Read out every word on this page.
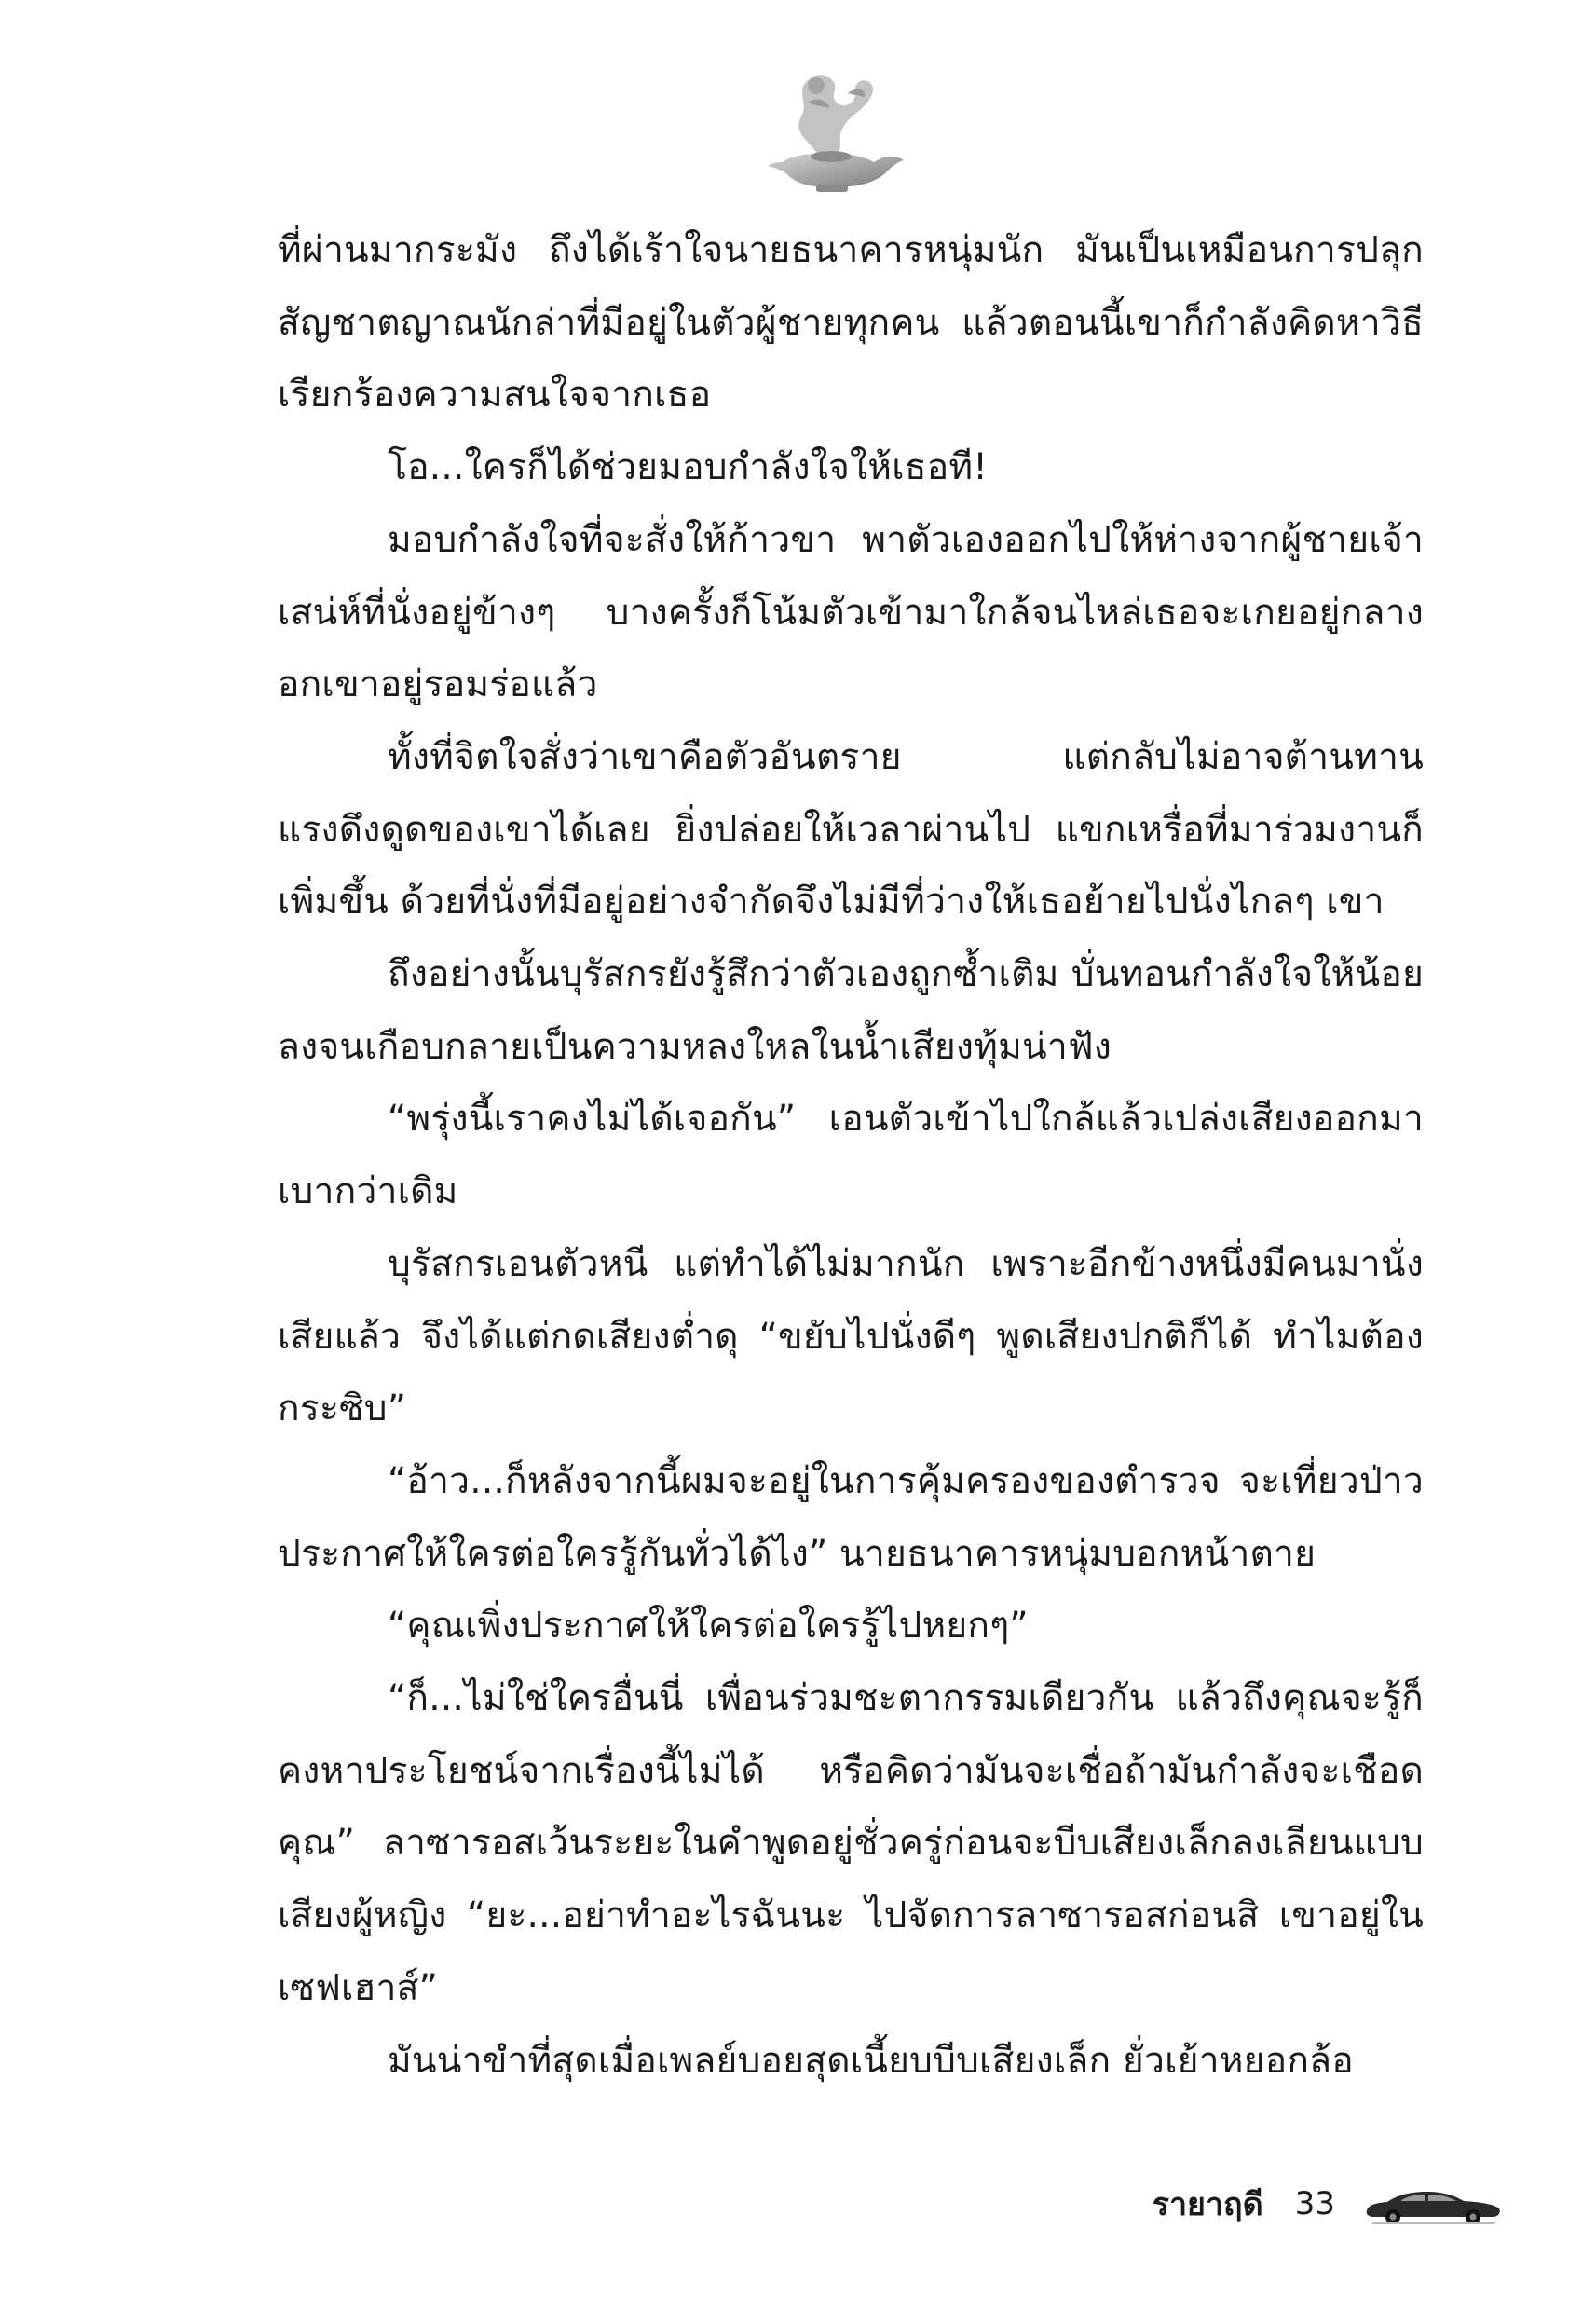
ที่ผ่านมากระมัง ถึงได้เร้าใจนายธนาคารหนุ่มนัก มันเป็นเหมือนการปลุกสัญชาตญาณนักล่าที่มีอยู่ในตัวผู้ชายทุกคน แล้วตอนนี้เขาก็กำลังคิดหาวิธีเรียกร้องความสนใจจากเธอ

โอ...ใครก็ได้ช่วยมอบกำลังใจให้เธอที!

มอบกำลังใจที่จะสั่งให้ก้าวขา พาตัวเองออกไปให้ห่างจากผู้ชายเจ้าเสน่ห์ที่นั่งอยู่ข้างๆ บางครั้งก็โน้มตัวเข้ามาใกล้จนไหล่เธอจะเกยอยู่กลางอกเขาอยู่รอมร่อแล้ว

ทั้งที่จิตใจสั่งว่าเขาคือตัวอันตราย แต่กลับไม่อาจต้านทานแรงดึงดูดของเขาได้เลย ยิ่งปล่อยให้เวลาผ่านไป แขกเหรื่อที่มาร่วมงานก็เพิ่มขึ้น ด้วยที่นั่งที่มีอยู่อย่างจำกัดจึงไม่มีที่ว่างให้เธอย้ายไปนั่งไกลๆ เขา

ถึงอย่างนั้นบุรัสกรยังรู้สึกว่าตัวเองถูกซ้ำเติม บั่นทอนกำลังใจให้น้อยลงจนเกือบกลายเป็นความหลงใหลในน้ำเสียงทุ้มน่าฟัง

“พรุ่งนี้เราคงไม่ได้เจอกัน” เอนตัวเข้าไปใกล้แล้วเปล่งเสียงออกมาเบากว่าเดิม

บุรัสกรเอนตัวหนี แต่ทำได้ไม่มากนัก เพราะอีกข้างหนึ่งมีคนมานั่งเสียแล้ว จึงได้แต่กดเสียงต่ำดุ “ขยับไปนั่งดีๆ พูดเสียงปกติก็ได้ ทำไมต้องกระซิบ”

“อ้าว...ก็หลังจากนี้ผมจะอยู่ในการคุ้มครองของตำรวจ จะเที่ยวป่าวประกาศให้ใครต่อใครรู้กันทั่วได้ไง” นายธนาคารหนุ่มบอกหน้าตาย

“คุณเพิ่งประกาศให้ใครต่อใครรู้ไปหยกๆ”

“ก็...ไม่ใช่ใครอื่นนี่ เพื่อนร่วมชะตากรรมเดียวกัน แล้วถึงคุณจะรู้ก็คงหาประโยชน์จากเรื่องนี้ไม่ได้ หรือคิดว่ามันจะเชื่อถ้ามันกำลังจะเชือดคุณ” ลาซารอสเว้นระยะในคำพูดอยู่ชั่วครู่ก่อนจะบีบเสียงเล็กลงเลียนแบบเสียงผู้หญิง “ยะ...อย่าทำอะไรฉันนะ ไปจัดการลาซารอสก่อนสิ เขาอยู่ในเซฟเฮาส์”

มันน่าขำที่สุดเมื่อเพลย์บอยสุดเนี้ยบบีบเสียงเล็ก ยั่วเย้าหยอกล้อ

รายาฤดี 33
